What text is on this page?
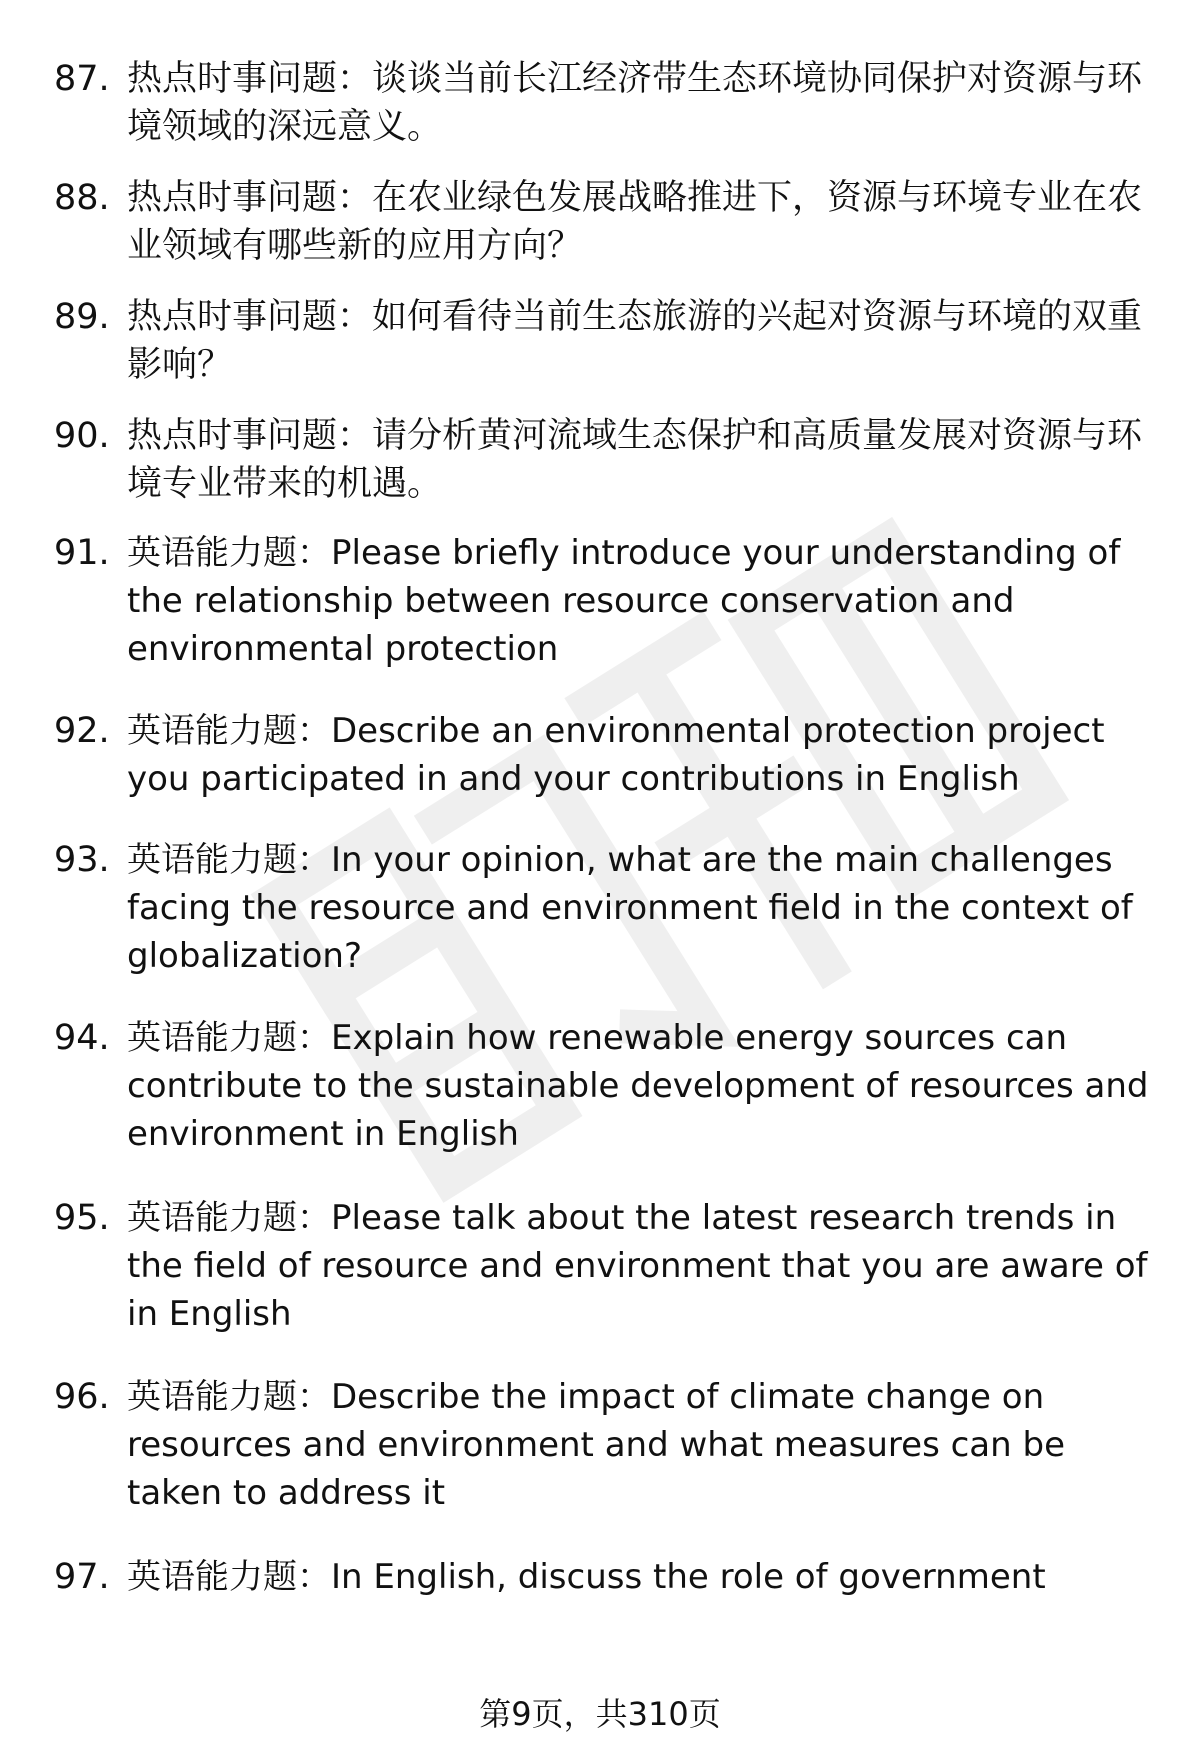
87. 热点时事问题：谈谈当前长江经济带生态环境协同保护对资源与环境领域的深远意义。
88. 热点时事问题：在农业绿色发展战略推进下，资源与环境专业在农业领域有哪些新的应用方向？
89. 热点时事问题：如何看待当前生态旅游的兴起对资源与环境的双重影响？
90. 热点时事问题：请分析黄河流域生态保护和高质量发展对资源与环境专业带来的机遇。
91. 英语能力题：Please briefly introduce your understanding of the relationship between resource conservation and environmental protection
92. 英语能力题：Describe an environmental protection project you participated in and your contributions in English
93. 英语能力题：In your opinion, what are the main challenges facing the resource and environment field in the context of globalization?
94. 英语能力题：Explain how renewable energy sources can contribute to the sustainable development of resources and environment in English
95. 英语能力题：Please talk about the latest research trends in the field of resource and environment that you are aware of in English
96. 英语能力题：Describe the impact of climate change on resources and environment and what measures can be taken to address it
97. 英语能力题：In English, discuss the role of government
第9页，共310页
